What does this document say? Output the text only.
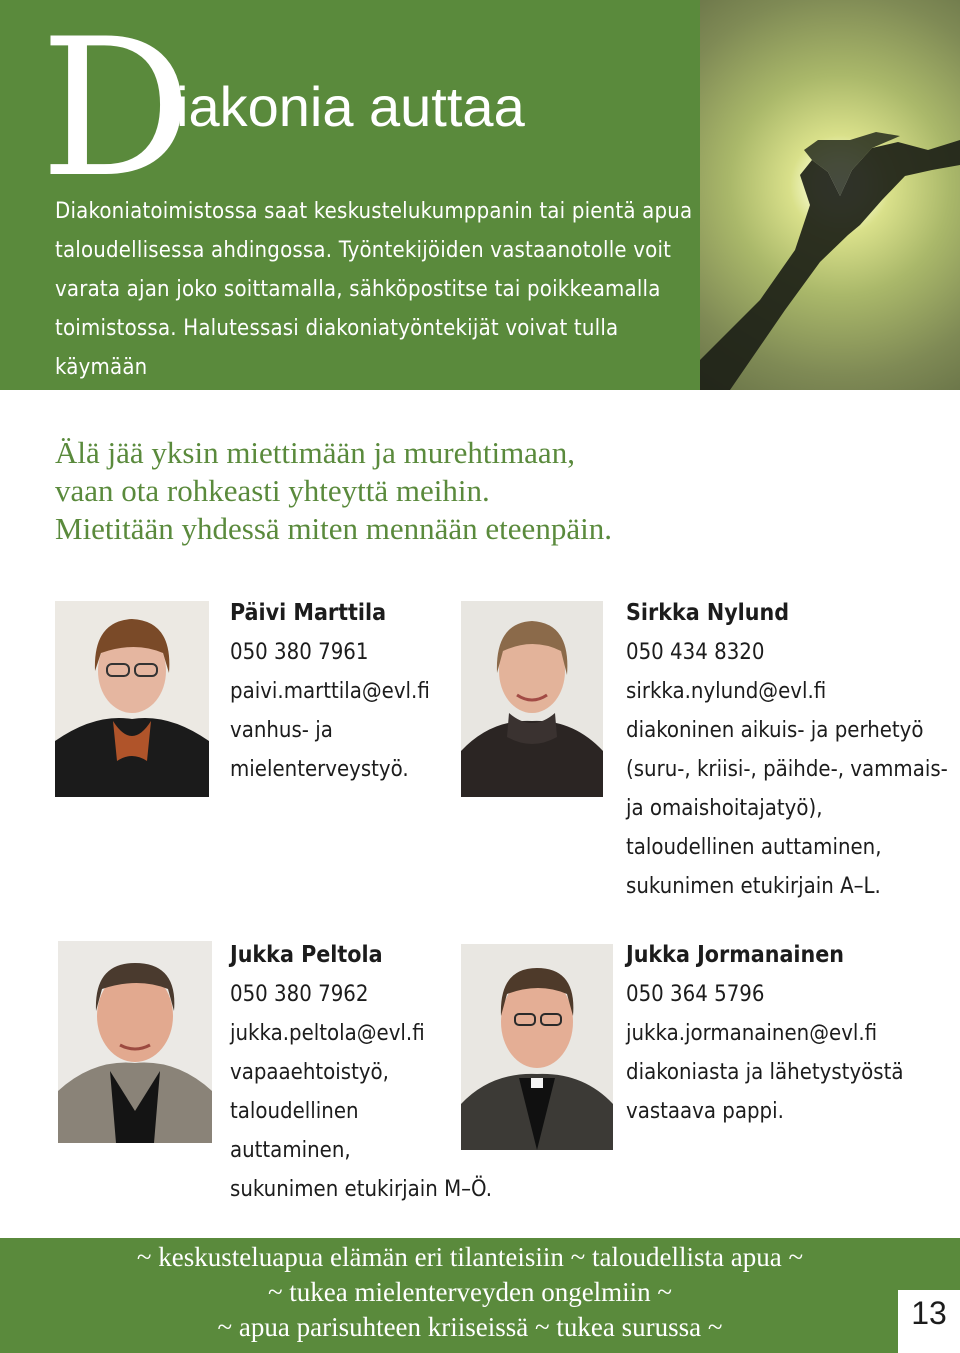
D
iakonia auttaa
Diakoniatoimistossa saat keskustelukumppanin tai pientä apua
taloudellisessa ahdingossa. Työntekijöiden vastaanotolle voit
varata ajan joko soittamalla, sähköpostitse tai poikkeamalla
toimistossa. Halutessasi diakoniatyöntekijät voivat tulla käymään
myös kotona.
Älä jää yksin miettimään ja murehtimaan,
vaan ota rohkeasti yhteyttä meihin.
Mietitään yhdessä miten mennään eteenpäin.
Päivi Marttila
050 380 7961
paivi.marttila@evl.fi
vanhus- ja
mielenterveystyö.
Sirkka Nylund
050 434 8320
sirkka.nylund@evl.fi
diakoninen aikuis- ja perhetyö
(suru-, kriisi-, päihde-, vammais-
ja omaishoitajatyö),
taloudellinen auttaminen,
sukunimen etukirjain A–L.
Jukka Peltola
050 380 7962
jukka.peltola@evl.fi
vapaaehtoistyö,
taloudellinen
auttaminen,
sukunimen etukirjain M–Ö.
Jukka Jormanainen
050 364 5796
jukka.jormanainen@evl.fi
diakoniasta ja lähetystyöstä
vastaava pappi.
~ keskusteluapua elämän eri tilanteisiin ~ taloudellista apua ~
~ tukea mielenterveyden ongelmiin ~
~ apua parisuhteen kriiseissä ~ tukea surussa ~	13
